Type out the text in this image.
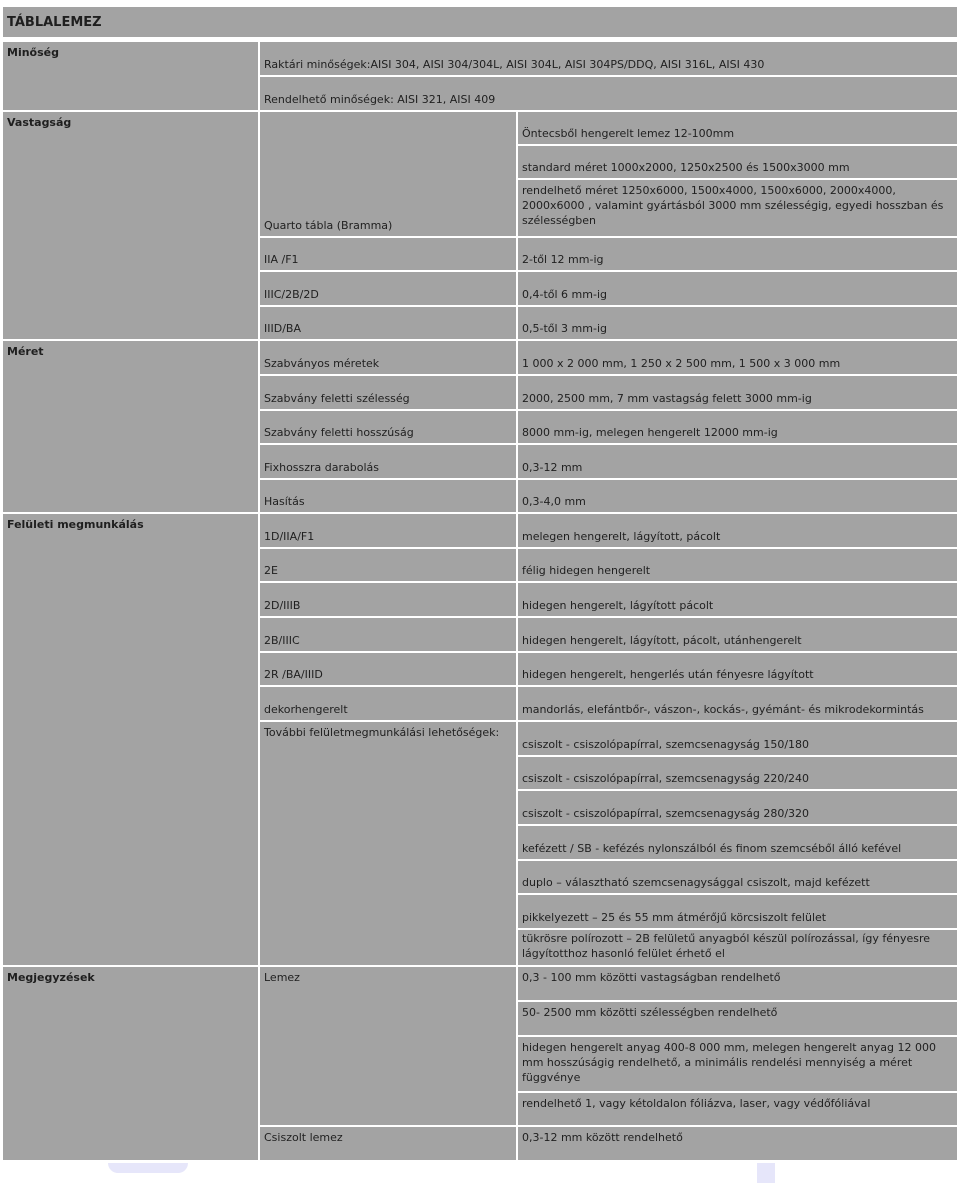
TÁBLALEMEZ
Minőség
Vastagság
Méret
Felületi megmunkálás
Megjegyzések
Raktári minőségek:AISI 304, AISI 304/304L, AISI 304L, AISI 304PS/DDQ, AISI 316L, AISI 430
Rendelhető minőségek: AISI 321, AISI 409
Quarto tábla (Bramma)
IIA /F1
IIIC/2B/2D
IIID/BA
Öntecsből hengerelt lemez 12-100mm
standard méret 1000x2000, 1250x2500 és 1500x3000 mm
rendelhető méret 1250x6000, 1500x4000, 1500x6000, 2000x4000, 2000x6000 , valamint gyártásból 3000 mm szélességig, egyedi hosszban és szélességben
2-től 12 mm-ig
0,4-től 6 mm-ig
0,5-től 3 mm-ig
Szabványos méretek
Szabvány feletti szélesség
Szabvány feletti hosszúság
Fixhosszra darabolás
Hasítás
1 000 x 2 000 mm, 1 250 x 2 500 mm, 1 500 x 3 000 mm
2000, 2500 mm, 7 mm vastagság felett 3000 mm-ig
8000 mm-ig, melegen hengerelt 12000 mm-ig
0,3-12 mm
0,3-4,0 mm
1D/IIA/F1
2E
2D/IIIB
2B/IIIC
2R /BA/IIID
dekorhengerelt
További felületmegmunkálási lehetőségek:
melegen hengerelt, lágyított, pácolt
félig hidegen hengerelt
hidegen hengerelt, lágyított pácolt
hidegen hengerelt, lágyított, pácolt, utánhengerelt
hidegen hengerelt, hengerlés után fényesre lágyított
mandorlás, elefántbőr-, vászon-, kockás-, gyémánt- és mikrodekormintás
csiszolt - csiszolópapírral, szemcsenagyság 150/180
csiszolt - csiszolópapírral, szemcsenagyság 220/240
csiszolt - csiszolópapírral, szemcsenagyság 280/320
kefézett / SB - kefézés nylonszálból és finom szemcséből álló kefével
duplo – választható szemcsenagysággal csiszolt, majd kefézett
pikkelyezett – 25 és 55 mm átmérőjű körcsiszolt felület
tükrösre polírozott – 2B felületű anyagból készül polírozással, így fényesre lágyítotthoz hasonló felület érhető el
Lemez
Csiszolt lemez
0,3 - 100 mm közötti vastagságban rendelhető
50- 2500 mm közötti szélességben rendelhető
hidegen hengerelt anyag 400-8 000 mm, melegen hengerelt anyag 12 000 mm hosszúságig rendelhető, a minimális rendelési mennyiség a méret függvénye
rendelhető 1, vagy kétoldalon fóliázva, laser, vagy védőfóliával
0,3-12 mm között rendelhető
